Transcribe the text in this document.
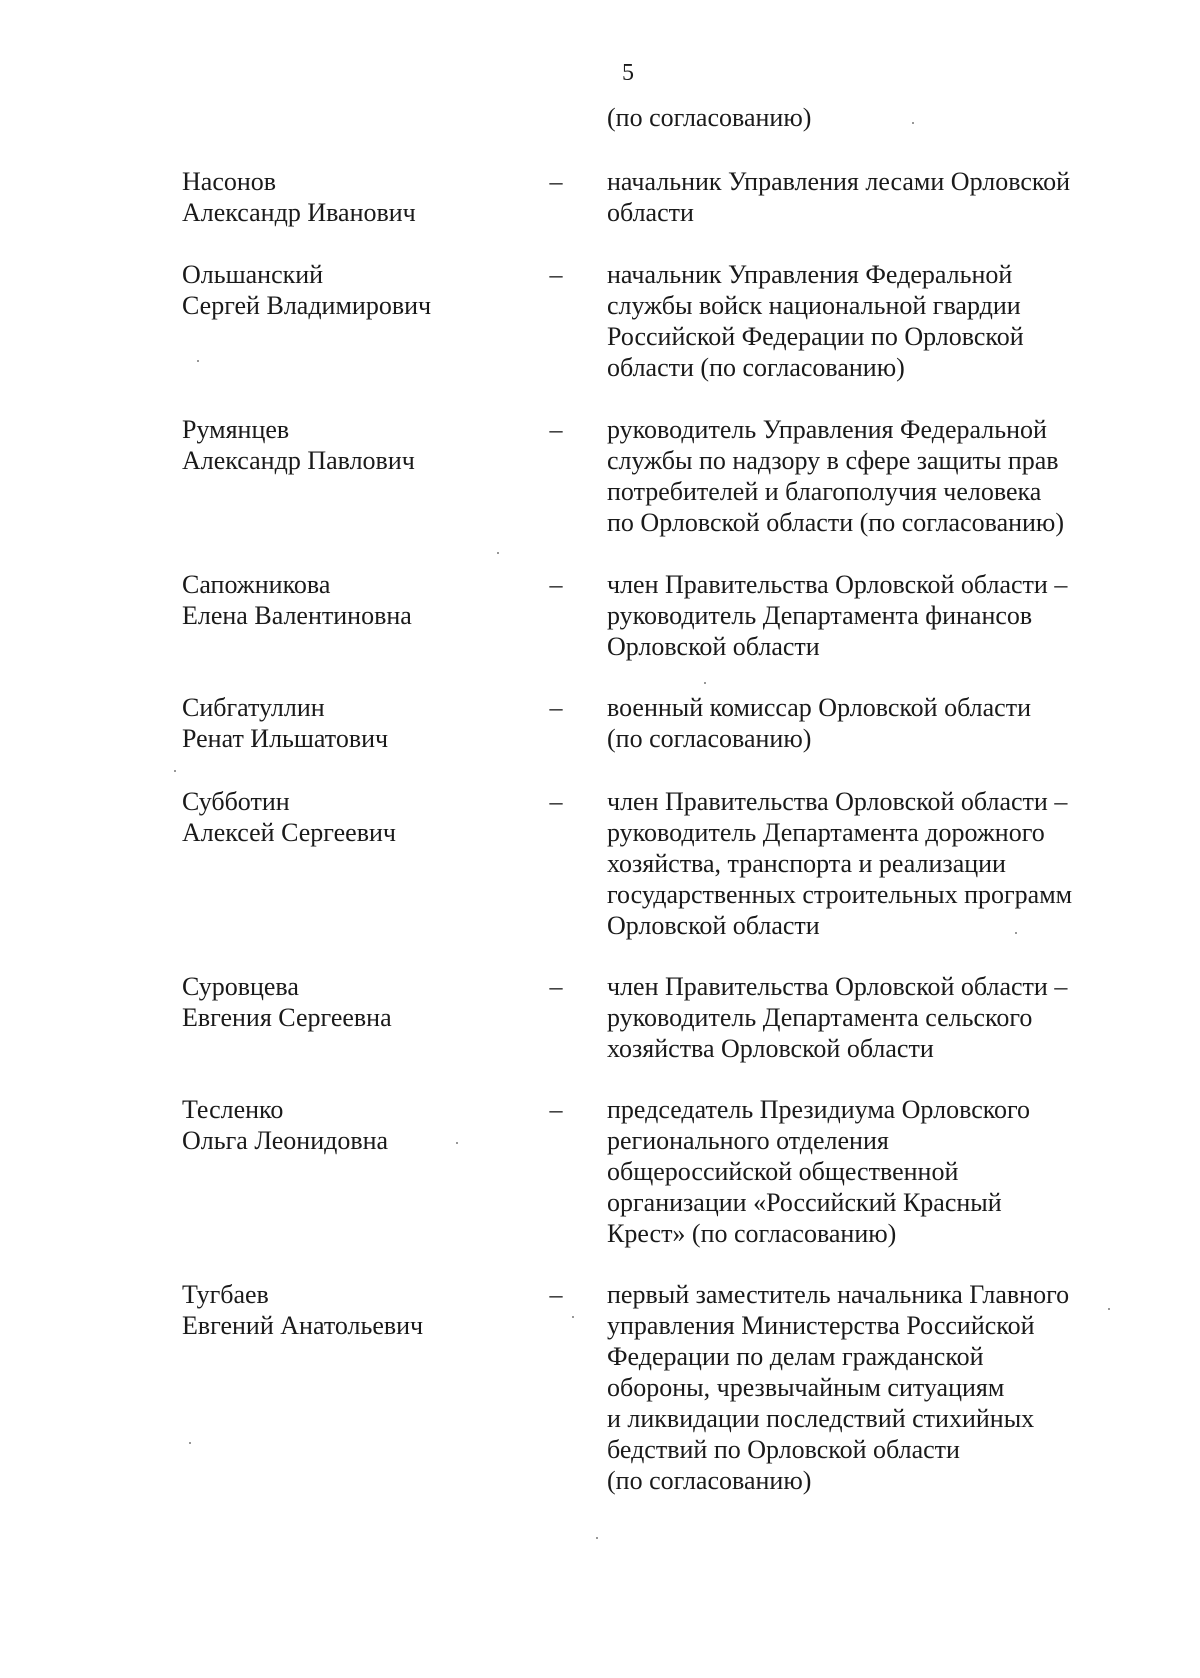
5
(по согласованию)
Насонов
Александр Иванович
– начальник Управления лесами Орловской
области
Ольшанский
Сергей Владимирович
– начальник Управления Федеральной
службы войск национальной гвардии
Российской Федерации по Орловской
области (по согласованию)
Румянцев
Александр Павлович
– руководитель Управления Федеральной
службы по надзору в сфере защиты прав
потребителей и благополучия человека
по Орловской области (по согласованию)
Сапожникова
Елена Валентиновна
– член Правительства Орловской области –
руководитель Департамента финансов
Орловской области
Сибгатуллин
Ренат Ильшатович
– военный комиссар Орловской области
(по согласованию)
Субботин
Алексей Сергеевич
– член Правительства Орловской области –
руководитель Департамента дорожного
хозяйства, транспорта и реализации
государственных строительных программ
Орловской области
Суровцева
Евгения Сергеевна
– член Правительства Орловской области –
руководитель Департамента сельского
хозяйства Орловской области
Тесленко
Ольга Леонидовна
– председатель Президиума Орловского
регионального отделения
общероссийской общественной
организации «Российский Красный
Крест» (по согласованию)
Тугбаев
Евгений Анатольевич
– первый заместитель начальника Главного
управления Министерства Российской
Федерации по делам гражданской
обороны, чрезвычайным ситуациям
и ликвидации последствий стихийных
бедствий по Орловской области
(по согласованию)
